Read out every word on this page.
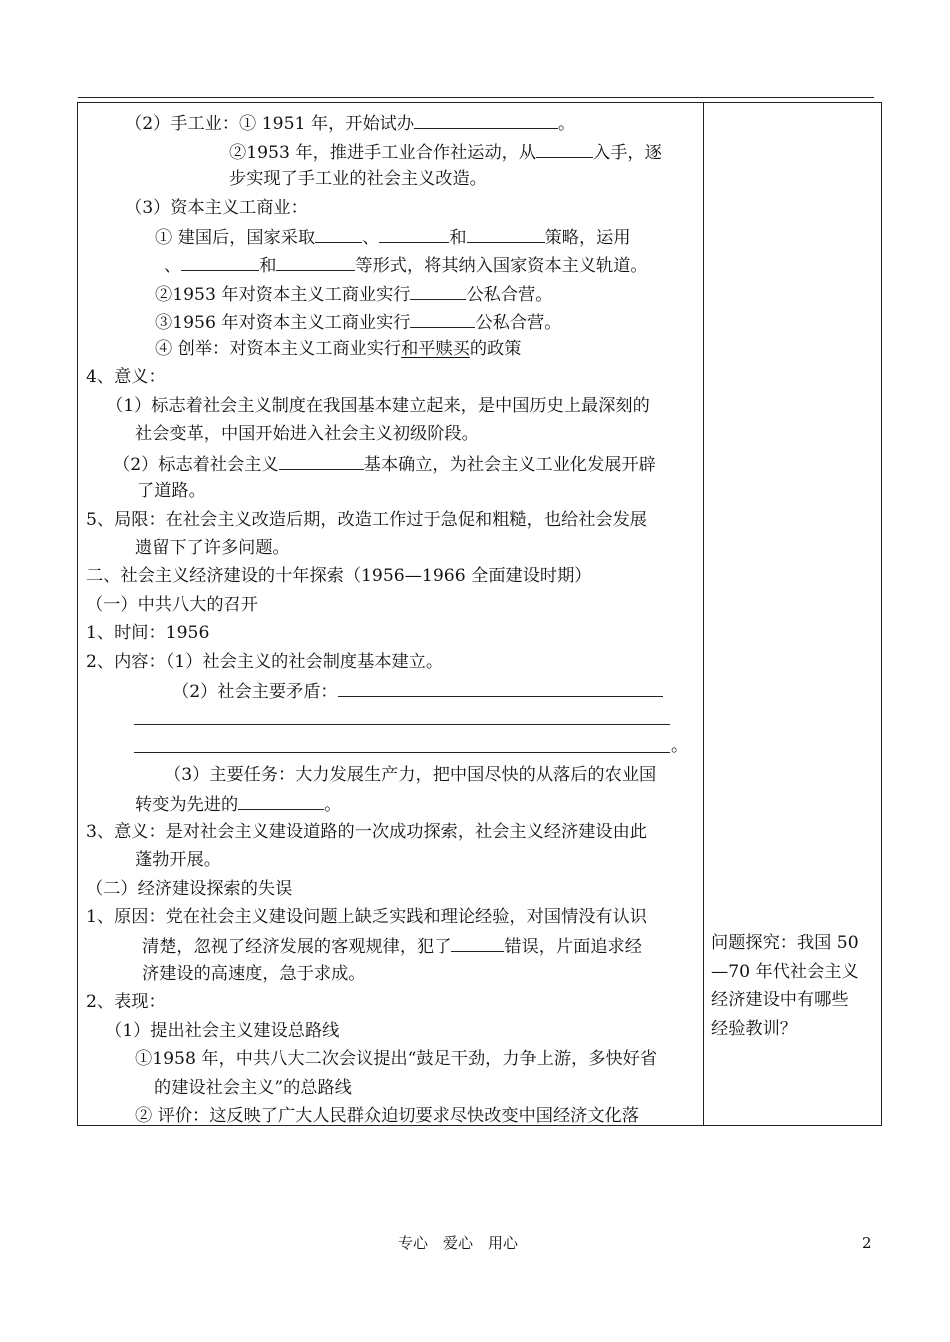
（2）手工业：① 1951 年，开始试办	。
②1953 年，推进手工业合作社运动，从	入手，逐
步实现了手工业的社会主义改造。
（3）资本主义工商业：
① 建国后，国家采取	、	和	策略，运用
、	和	等形式，将其纳入国家资本主义轨道。
②1953 年对资本主义工商业实行	公私合营。
③1956 年对资本主义工商业实行	公私合营。
④ 创举：对资本主义工商业实行和平赎买的政策
4、意义：
（1）标志着社会主义制度在我国基本建立起来，是中国历史上最深刻的
社会变革，中国开始进入社会主义初级阶段。
（2）标志着社会主义	基本确立，为社会主义工业化发展开辟
了道路。
5、局限：在社会主义改造后期，改造工作过于急促和粗糙，也给社会发展
遗留下了许多问题。
二、社会主义经济建设的十年探索（1956—1966 全面建设时期）
（一）中共八大的召开
1、时间：1956
2、内容：（1）社会主义的社会制度基本建立。
（2）社会主要矛盾：
。
（3）主要任务：大力发展生产力，把中国尽快的从落后的农业国
转变为先进的	。
3、意义：是对社会主义建设道路的一次成功探索，社会主义经济建设由此
蓬勃开展。
（二）经济建设探索的失误
1、原因：党在社会主义建设问题上缺乏实践和理论经验，对国情没有认识
清楚，忽视了经济发展的客观规律，犯了	错误，片面追求经
济建设的高速度，急于求成。
2、表现：
（1）提出社会主义建设总路线
①1958 年，中共八大二次会议提出“鼓足干劲，力争上游，多快好省
的建设社会主义”的总路线
② 评价：这反映了广大人民群众迫切要求尽快改变中国经济文化落
问题探究：我国 50
—70 年代社会主义
经济建设中有哪些
经验教训？
专心　爱心　用心	2
